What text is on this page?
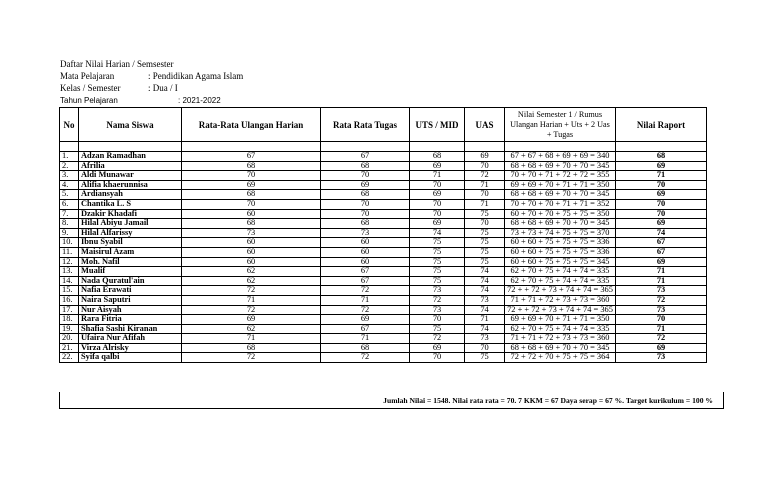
Daftar Nilai Harian / Semsester
Mata Pelajaran	: Pendidikan Agama Islam
Kelas / Semester	: Dua / I
Tahun Pelajaran	: 2021-2022
No	Nama Siswa	Rata-Rata Ulangan Harian	Rata Rata Tugas	UTS / MID	UAS	Nilai Semester 1 / Rumus Ulangan Harian + Uts + 2 Uas + Tugas	Nilai Raport

1.	Adzan Ramadhan	67	67	68	69	67 + 67 + 68 + 69 + 69 = 340	68
2.	Afrilia	68	68	69	70	68 + 68 + 69 + 70 + 70 = 345	69
3.	Aldi Munawar	70	70	71	72	70 + 70 + 71 + 72 + 72 = 355	71
4.	Alifia khaerunnisa	69	69	70	71	69 + 69 + 70 + 71 + 71 = 350	70
5.	Ardiansyah	68	68	69	70	68 + 68 + 69 + 70 + 70 = 345	69
6.	Chantika L. S	70	70	70	71	70 + 70 + 70 + 71 + 71 = 352	70
7.	Dzakir Khadafi	60	70	70	75	60 + 70 + 70 + 75 + 75 = 350	70
8.	Hilal Abiyu Jamail	68	68	69	70	68 + 68 + 69 + 70 + 70 = 345	69
9.	Hilal Alfarissy	73	73	74	75	73 + 73 + 74 + 75 + 75 = 370	74
10.	Ibnu Syabil	60	60	75	75	60 + 60 + 75 + 75 + 75 = 336	67
11.	Maisirul Azam	60	60	75	75	60 + 60 + 75 + 75 + 75 = 336	67
12.	Moh. Nafil	60	60	75	75	60 + 60 + 75 + 75 + 75 = 345	69
13.	Mualif	62	67	75	74	62 + 70 + 75 + 74 + 74 = 335	71
14.	Nada Quratul'ain	62	67	75	74	62 + 70 + 75 + 74 + 74 = 335	71
15.	Nafia Erawati	72	72	73	74	72 + + 72 + 73 + 74 + 74 = 365	73
16.	Naira Saputri	71	71	72	73	71 + 71 + 72 + 73 + 73 = 360	72
17.	Nur Aisyah	72	72	73	74	72 + + 72 + 73 + 74 + 74 = 365	73
18.	Rara Fitria	69	69	70	71	69 + 69 + 70 + 71 + 71 = 350	70
19.	Shafia Sashi Kiranan	62	67	75	74	62 + 70 + 75 + 74 + 74 = 335	71
20.	Ufaira Nur Afifah	71	71	72	73	71 + 71 + 72 + 73 + 73 = 360	72
21.	Virza Alrisky	68	68	69	70	68 + 68 + 69 + 70 + 70 = 345	69
22.	Syifa qalbi	72	72	70	75	72 + 72 + 70 + 75 + 75 = 364	73
Jumlah Nilai = 1548. Nilai rata rata = 70. 7 KKM = 67 Daya serap = 67 %. Target kurikulum = 100 %
